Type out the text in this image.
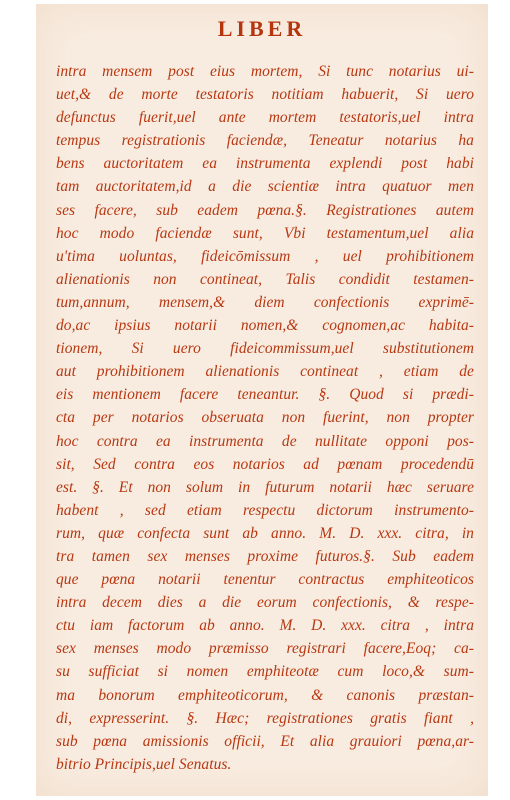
LIBER
intra mensem post eius mortem, Si tunc notarius ui-
uet,& de morte testatoris notitiam habuerit, Si uero
defunctus fuerit,uel ante mortem testatoris,uel intra
tempus registrationis faciendæ, Teneatur notarius ha
bens auctoritatem ea instrumenta explendi post habi
tam auctoritatem,id a die scientiæ intra quatuor men
ses facere, sub eadem pœna.§. Registrationes autem
hoc modo faciendæ sunt, Vbi testamentum,uel alia
u'tima uoluntas, fideicōmissum , uel prohibitionem
alienationis non contineat, Talis condidit testamen-
tum,annum, mensem,& diem confectionis exprimē-
do,ac ipsius notarii nomen,& cognomen,ac habita-
tionem, Si uero fideicommissum,uel substitutionem
aut prohibitionem alienationis contineat , etiam de
eis mentionem facere teneantur. §. Quod si prædi-
cta per notarios obseruata non fuerint, non propter
hoc contra ea instrumenta de nullitate opponi pos-
sit, Sed contra eos notarios ad pœnam procedendū
est. §. Et non solum in futurum notarii hæc seruare
habent , sed etiam respectu dictorum instrumento-
rum, quæ confecta sunt ab anno. M. D. xxx. citra, in
tra tamen sex menses proxime futuros.§. Sub eadem
que pœna notarii tenentur contractus emphiteoticos
intra decem dies a die eorum confectionis, & respe-
ctu iam factorum ab anno. M. D. xxx. citra , intra
sex menses modo præmisso registrari facere,Eoq; ca-
su sufficiat si nomen emphiteotæ cum loco,& sum-
ma bonorum emphiteoticorum, & canonis præstan-
di, expresserint. §. Hæc; registrationes gratis fiant ,
sub pœna amissionis officii, Et alia grauiori pœna,ar-
bitrio Principis,uel Senatus.
